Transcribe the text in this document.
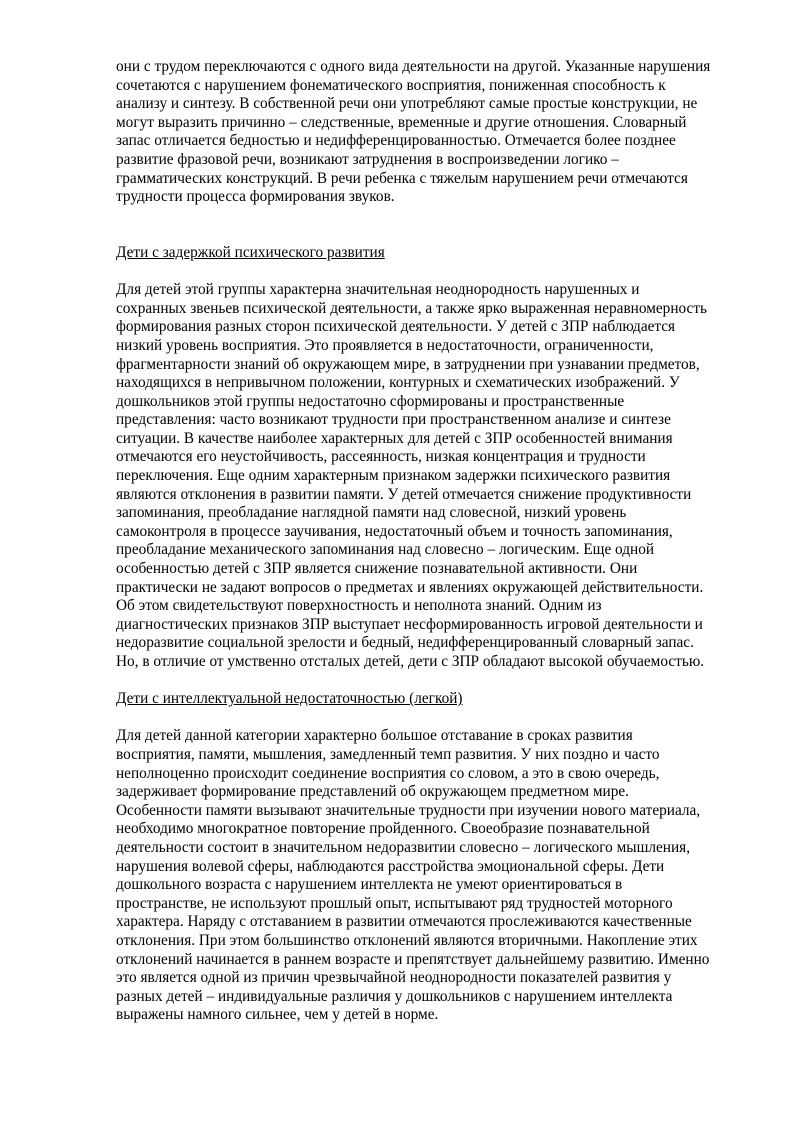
они с трудом переключаются с одного вида деятельности на другой. Указанные нарушения
сочетаются с нарушением фонематического восприятия, пониженная способность к
анализу и синтезу. В собственной речи они употребляют самые простые конструкции, не
могут выразить причинно – следственные, временные и другие отношения. Словарный
запас отличается бедностью и недифференцированностью. Отмечается более позднее
развитие фразовой речи, возникают затруднения в воспроизведении логико –
грамматических конструкций. В речи ребенка с тяжелым нарушением речи отмечаются
трудности процесса формирования звуков.
Дети с задержкой психического развития
Для детей этой группы характерна значительная неоднородность нарушенных и
сохранных звеньев психической деятельности, а также ярко выраженная неравномерность
формирования разных сторон психической деятельности. У детей с ЗПР наблюдается
низкий уровень восприятия. Это проявляется в недостаточности, ограниченности,
фрагментарности знаний об окружающем мире, в затруднении при узнавании предметов,
находящихся в непривычном положении, контурных и схематических изображений. У
дошкольников этой группы недостаточно сформированы и пространственные
представления: часто возникают трудности при пространственном анализе и синтезе
ситуации. В качестве наиболее характерных для детей с ЗПР особенностей внимания
отмечаются его неустойчивость, рассеянность, низкая концентрация и трудности
переключения. Еще одним характерным признаком задержки психического развития
являются отклонения в развитии памяти. У детей отмечается снижение продуктивности
запоминания, преобладание наглядной памяти над словесной, низкий уровень
самоконтроля в процессе заучивания, недостаточный объем и точность запоминания,
преобладание механического запоминания над словесно – логическим. Еще одной
особенностью детей с ЗПР является снижение познавательной активности. Они
практически не задают вопросов о предметах и явлениях окружающей действительности.
Об этом свидетельствуют поверхностность и неполнота знаний. Одним из
диагностических признаков ЗПР выступает несформированность игровой деятельности и
недоразвитие социальной зрелости и бедный, недифференцированный словарный запас.
Но, в отличие от умственно отсталых детей, дети с ЗПР обладают высокой обучаемостью.
Дети с интеллектуальной недостаточностью (легкой)
Для детей данной категории характерно большое отставание в сроках развития
восприятия, памяти, мышления, замедленный темп развития. У них поздно и часто
неполноценно происходит соединение восприятия со словом, а это в свою очередь,
задерживает формирование представлений об окружающем предметном мире.
Особенности памяти вызывают значительные трудности при изучении нового материала,
необходимо многократное повторение пройденного. Своеобразие познавательной
деятельности состоит в значительном недоразвитии словесно – логического мышления,
нарушения волевой сферы, наблюдаются расстройства эмоциональной сферы. Дети
дошкольного возраста с нарушением интеллекта не умеют ориентироваться в
пространстве, не используют прошлый опыт, испытывают ряд трудностей моторного
характера. Наряду с отставанием в развитии отмечаются прослеживаются качественные
отклонения. При этом большинство отклонений являются вторичными. Накопление этих
отклонений начинается в раннем возрасте и препятствует дальнейшему развитию. Именно
это является одной из причин чрезвычайной неоднородности показателей развития у
разных детей – индивидуальные различия у дошкольников с нарушением интеллекта
выражены намного сильнее, чем у детей в норме.
